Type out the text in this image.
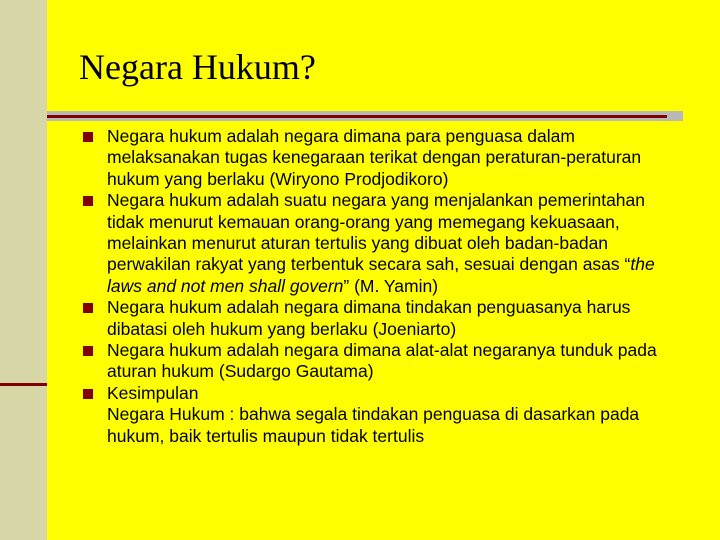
Negara Hukum?
Negara hukum adalah negara dimana para penguasa dalam melaksanakan tugas kenegaraan terikat dengan peraturan-peraturan hukum yang berlaku (Wiryono Prodjodikoro)
Negara hukum adalah suatu negara yang menjalankan pemerintahan tidak menurut kemauan orang-orang yang memegang kekuasaan, melainkan menurut aturan tertulis yang dibuat oleh badan-badan perwakilan rakyat yang terbentuk secara sah, sesuai dengan asas “the laws and not men shall govern” (M. Yamin)
Negara hukum adalah negara dimana tindakan penguasanya harus dibatasi oleh hukum yang berlaku (Joeniarto)
Negara hukum adalah negara dimana alat-alat negaranya tunduk pada aturan hukum (Sudargo Gautama)
Kesimpulan
Negara Hukum : bahwa segala tindakan penguasa di dasarkan pada hukum, baik tertulis maupun tidak tertulis
